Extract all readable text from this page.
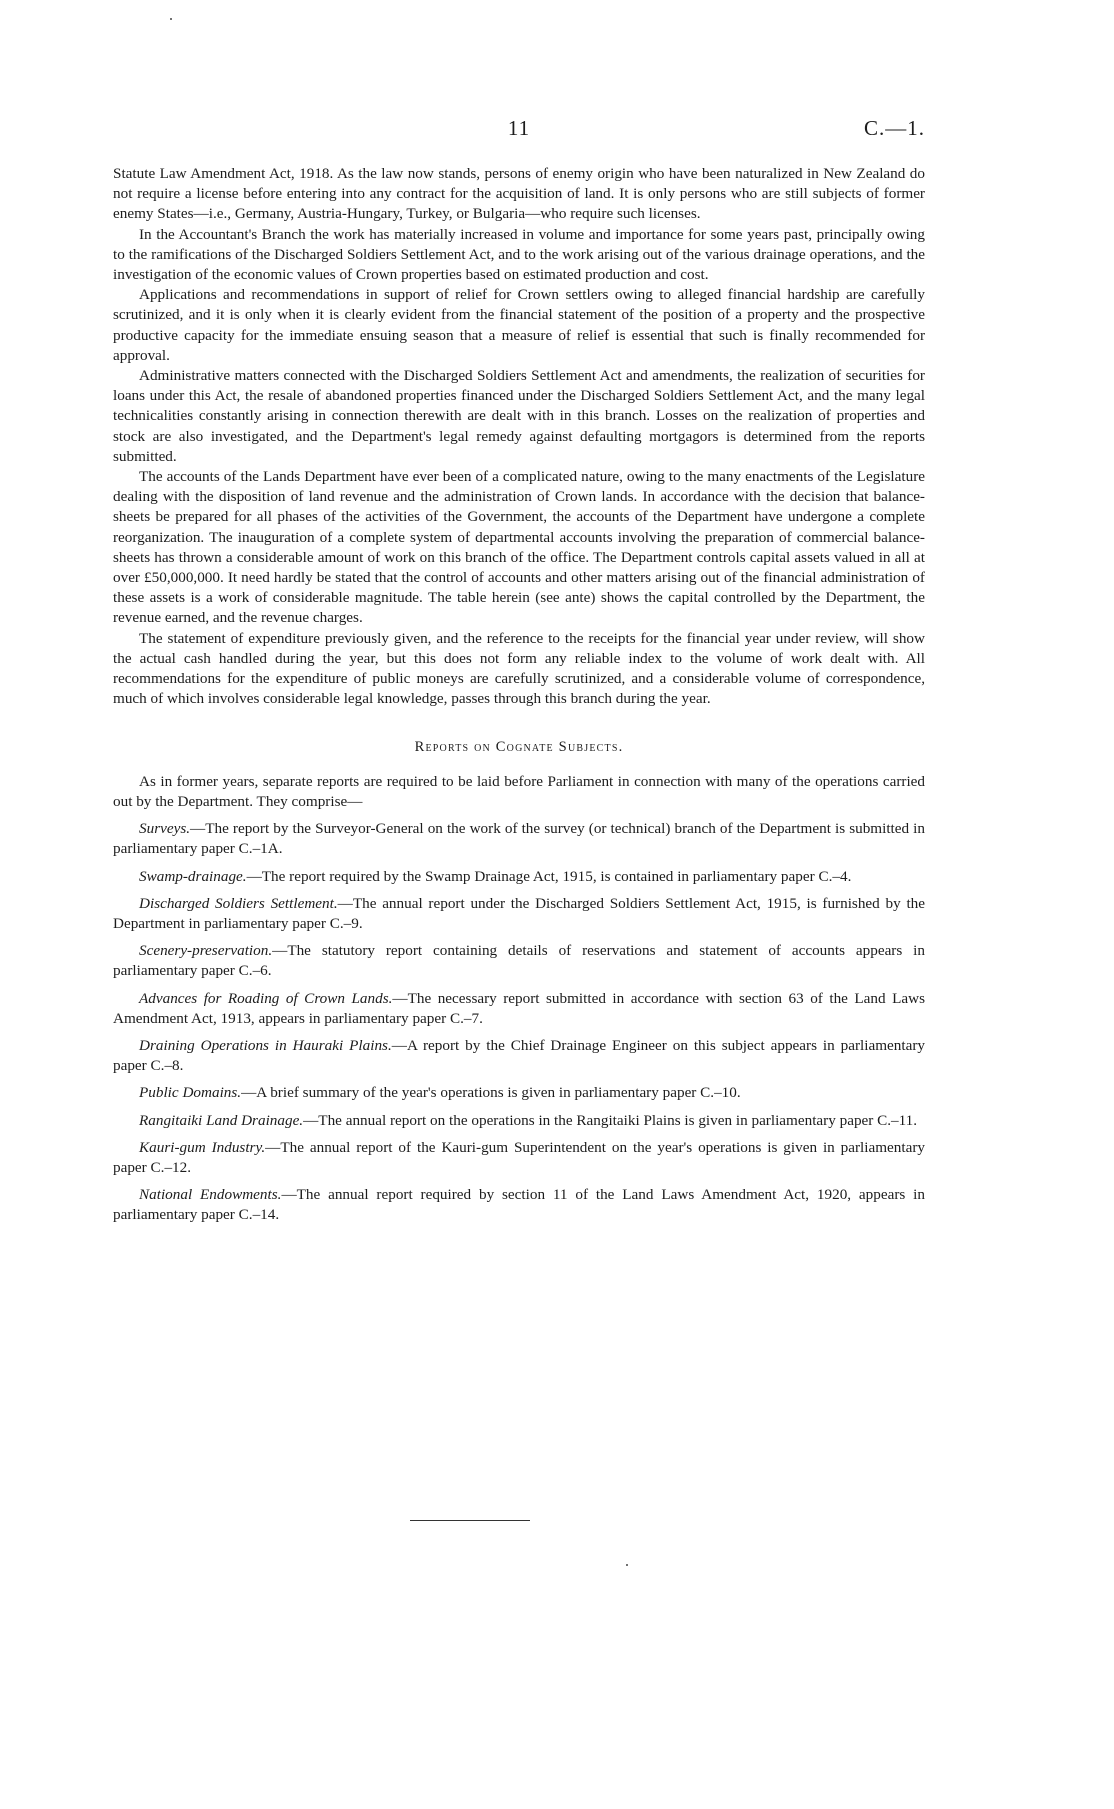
11	C.—1.

Statute Law Amendment Act, 1918. As the law now stands, persons of enemy origin who have been naturalized in New Zealand do not require a license before entering into any contract for the acquisition of land. It is only persons who are still subjects of former enemy States—i.e., Germany, Austria-Hungary, Turkey, or Bulgaria—who require such licenses.

In the Accountant's Branch the work has materially increased in volume and importance for some years past, principally owing to the ramifications of the Discharged Soldiers Settlement Act, and to the work arising out of the various drainage operations, and the investigation of the economic values of Crown properties based on estimated production and cost.

Applications and recommendations in support of relief for Crown settlers owing to alleged financial hardship are carefully scrutinized, and it is only when it is clearly evident from the financial statement of the position of a property and the prospective productive capacity for the immediate ensuing season that a measure of relief is essential that such is finally recommended for approval.

Administrative matters connected with the Discharged Soldiers Settlement Act and amendments, the realization of securities for loans under this Act, the resale of abandoned properties financed under the Discharged Soldiers Settlement Act, and the many legal technicalities constantly arising in connection therewith are dealt with in this branch. Losses on the realization of properties and stock are also investigated, and the Department's legal remedy against defaulting mortgagors is determined from the reports submitted.

The accounts of the Lands Department have ever been of a complicated nature, owing to the many enactments of the Legislature dealing with the disposition of land revenue and the administration of Crown lands. In accordance with the decision that balance-sheets be prepared for all phases of the activities of the Government, the accounts of the Department have undergone a complete reorganization. The inauguration of a complete system of departmental accounts involving the preparation of commercial balance-sheets has thrown a considerable amount of work on this branch of the office. The Department controls capital assets valued in all at over £50,000,000. It need hardly be stated that the control of accounts and other matters arising out of the financial administration of these assets is a work of considerable magnitude. The table herein (see ante) shows the capital controlled by the Department, the revenue earned, and the revenue charges.

The statement of expenditure previously given, and the reference to the receipts for the financial year under review, will show the actual cash handled during the year, but this does not form any reliable index to the volume of work dealt with. All recommendations for the expenditure of public moneys are carefully scrutinized, and a considerable volume of correspondence, much of which involves considerable legal knowledge, passes through this branch during the year.

Reports on Cognate Subjects.

As in former years, separate reports are required to be laid before Parliament in connection with many of the operations carried out by the Department. They comprise—

Surveys.—The report by the Surveyor-General on the work of the survey (or technical) branch of the Department is submitted in parliamentary paper C.–1A.

Swamp-drainage.—The report required by the Swamp Drainage Act, 1915, is contained in parliamentary paper C.–4.

Discharged Soldiers Settlement.—The annual report under the Discharged Soldiers Settlement Act, 1915, is furnished by the Department in parliamentary paper C.–9.

Scenery-preservation.—The statutory report containing details of reservations and statement of accounts appears in parliamentary paper C.–6.

Advances for Roading of Crown Lands.—The necessary report submitted in accordance with section 63 of the Land Laws Amendment Act, 1913, appears in parliamentary paper C.–7.

Draining Operations in Hauraki Plains.—A report by the Chief Drainage Engineer on this subject appears in parliamentary paper C.–8.

Public Domains.—A brief summary of the year's operations is given in parliamentary paper C.–10.

Rangitaiki Land Drainage.—The annual report on the operations in the Rangitaiki Plains is given in parliamentary paper C.–11.

Kauri-gum Industry.—The annual report of the Kauri-gum Superintendent on the year's operations is given in parliamentary paper C.–12.

National Endowments.—The annual report required by section 11 of the Land Laws Amendment Act, 1920, appears in parliamentary paper C.–14.
